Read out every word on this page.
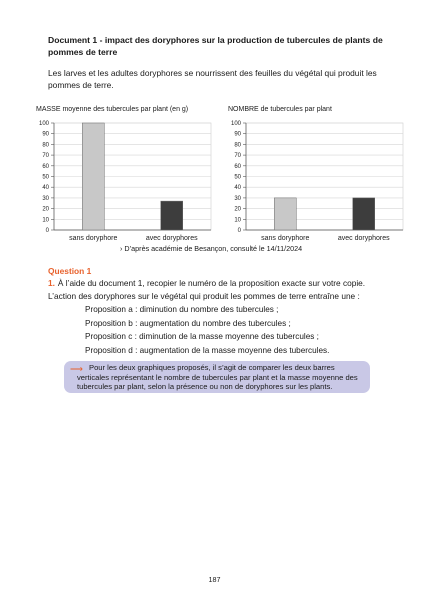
Document 1 - impact des doryphores sur la production de tubercules de plants de pommes de terre
Les larves et les adultes doryphores se nourrissent des feuilles du végétal qui produit les pommes de terre.
MASSE moyenne des tubercules par plant (en g)
0
10
20
30
40
50
60
70
80
90
100
sans doryphore	avec doryphores
NOMBRE de tubercules par plant
0
10
20
30
40
50
60
70
80
90
100
sans doryphore	avec doryphores
› D’après académie de Besançon, consulté le 14/11/2024
Question 1
1. À l’aide du document 1, recopier le numéro de la proposition exacte sur votre copie.
L’action des doryphores sur le végétal qui produit les pommes de terre entraîne une :
Proposition a : diminution du nombre des tubercules ;
Proposition b : augmentation du nombre des tubercules ;
Proposition c : diminution de la masse moyenne des tubercules ;
Proposition d : augmentation de la masse moyenne des tubercules.
⟶ Pour les deux graphiques proposés, il s’agit de comparer les deux barres verticales représentant le nombre de tubercules par plant et la masse moyenne des tubercules par plant, selon la présence ou non de doryphores sur les plants.
187
